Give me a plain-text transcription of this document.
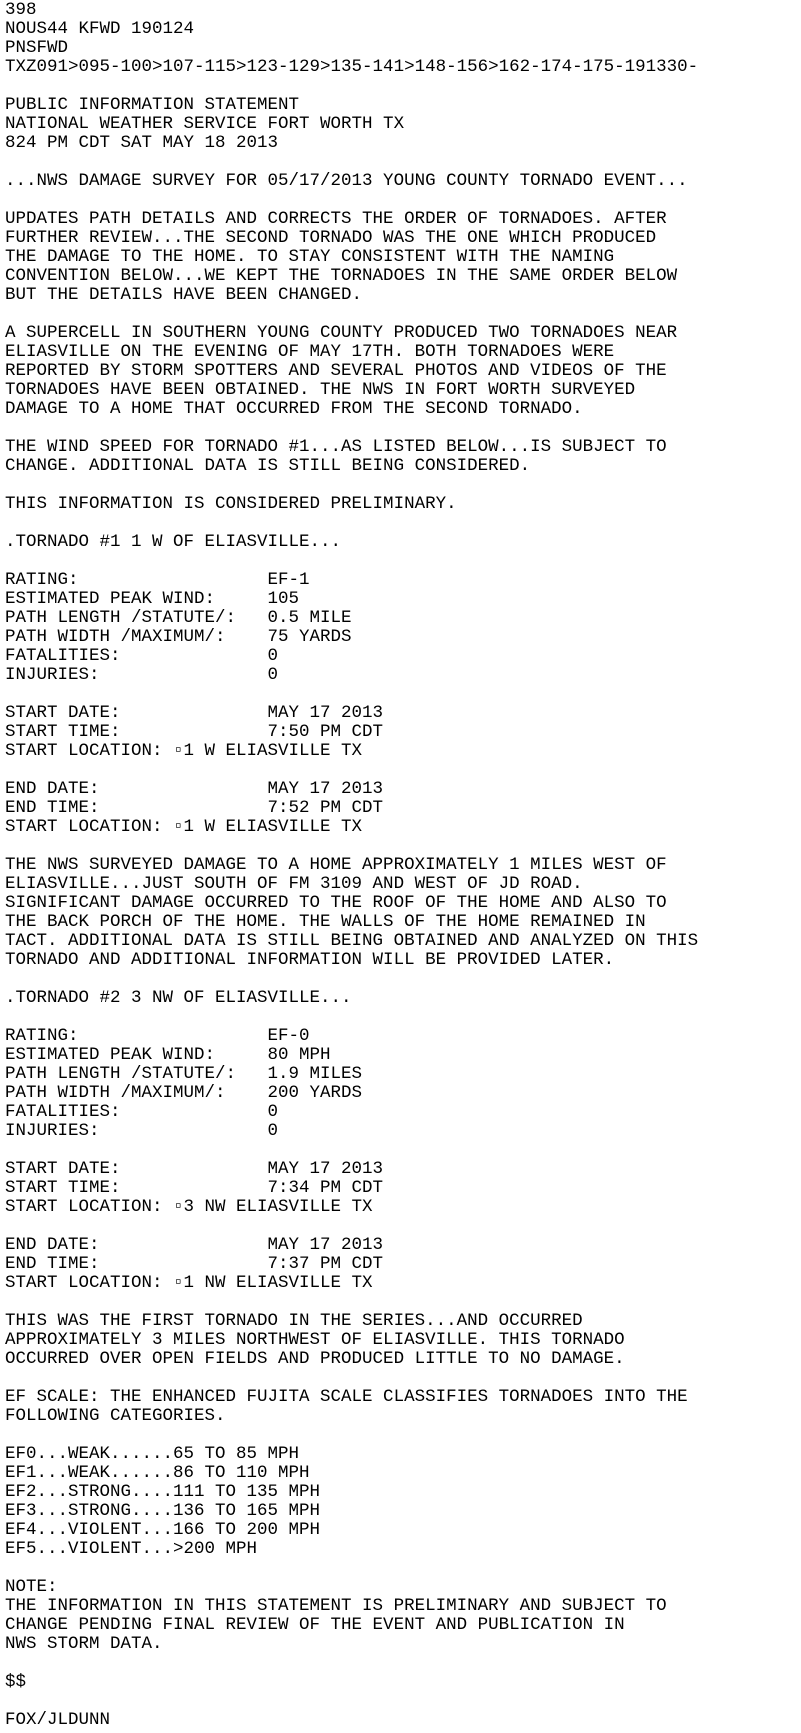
398
NOUS44 KFWD 190124
PNSFWD
TXZ091>095-100>107-115>123-129>135-141>148-156>162-174-175-191330-
PUBLIC INFORMATION STATEMENT
NATIONAL WEATHER SERVICE FORT WORTH TX
824 PM CDT SAT MAY 18 2013
...NWS DAMAGE SURVEY FOR 05/17/2013 YOUNG COUNTY TORNADO EVENT...
UPDATES PATH DETAILS AND CORRECTS THE ORDER OF TORNADOES. AFTER
FURTHER REVIEW...THE SECOND TORNADO WAS THE ONE WHICH PRODUCED
THE DAMAGE TO THE HOME. TO STAY CONSISTENT WITH THE NAMING
CONVENTION BELOW...WE KEPT THE TORNADOES IN THE SAME ORDER BELOW
BUT THE DETAILS HAVE BEEN CHANGED.
A SUPERCELL IN SOUTHERN YOUNG COUNTY PRODUCED TWO TORNADOES NEAR
ELIASVILLE ON THE EVENING OF MAY 17TH. BOTH TORNADOES WERE
REPORTED BY STORM SPOTTERS AND SEVERAL PHOTOS AND VIDEOS OF THE
TORNADOES HAVE BEEN OBTAINED. THE NWS IN FORT WORTH SURVEYED
DAMAGE TO A HOME THAT OCCURRED FROM THE SECOND TORNADO.
THE WIND SPEED FOR TORNADO #1...AS LISTED BELOW...IS SUBJECT TO
CHANGE. ADDITIONAL DATA IS STILL BEING CONSIDERED.
THIS INFORMATION IS CONSIDERED PRELIMINARY.
.TORNADO #1 1 W OF ELIASVILLE...
RATING:                  EF-1
ESTIMATED PEAK WIND:     105
PATH LENGTH /STATUTE/:   0.5 MILE
PATH WIDTH /MAXIMUM/:    75 YARDS
FATALITIES:              0
INJURIES:                0
START DATE:              MAY 17 2013
START TIME:              7:50 PM CDT
START LOCATION: ▫1 W ELIASVILLE TX
END DATE:                MAY 17 2013
END TIME:                7:52 PM CDT
START LOCATION: ▫1 W ELIASVILLE TX
THE NWS SURVEYED DAMAGE TO A HOME APPROXIMATELY 1 MILES WEST OF
ELIASVILLE...JUST SOUTH OF FM 3109 AND WEST OF JD ROAD.
SIGNIFICANT DAMAGE OCCURRED TO THE ROOF OF THE HOME AND ALSO TO
THE BACK PORCH OF THE HOME. THE WALLS OF THE HOME REMAINED IN
TACT. ADDITIONAL DATA IS STILL BEING OBTAINED AND ANALYZED ON THIS
TORNADO AND ADDITIONAL INFORMATION WILL BE PROVIDED LATER.
.TORNADO #2 3 NW OF ELIASVILLE...
RATING:                  EF-0
ESTIMATED PEAK WIND:     80 MPH
PATH LENGTH /STATUTE/:   1.9 MILES
PATH WIDTH /MAXIMUM/:    200 YARDS
FATALITIES:              0
INJURIES:                0
START DATE:              MAY 17 2013
START TIME:              7:34 PM CDT
START LOCATION: ▫3 NW ELIASVILLE TX
END DATE:                MAY 17 2013
END TIME:                7:37 PM CDT
START LOCATION: ▫1 NW ELIASVILLE TX
THIS WAS THE FIRST TORNADO IN THE SERIES...AND OCCURRED
APPROXIMATELY 3 MILES NORTHWEST OF ELIASVILLE. THIS TORNADO
OCCURRED OVER OPEN FIELDS AND PRODUCED LITTLE TO NO DAMAGE.
EF SCALE: THE ENHANCED FUJITA SCALE CLASSIFIES TORNADOES INTO THE
FOLLOWING CATEGORIES.
EF0...WEAK......65 TO 85 MPH
EF1...WEAK......86 TO 110 MPH
EF2...STRONG....111 TO 135 MPH
EF3...STRONG....136 TO 165 MPH
EF4...VIOLENT...166 TO 200 MPH
EF5...VIOLENT...>200 MPH
NOTE:
THE INFORMATION IN THIS STATEMENT IS PRELIMINARY AND SUBJECT TO
CHANGE PENDING FINAL REVIEW OF THE EVENT AND PUBLICATION IN
NWS STORM DATA.
$$
FOX/JLDUNN
